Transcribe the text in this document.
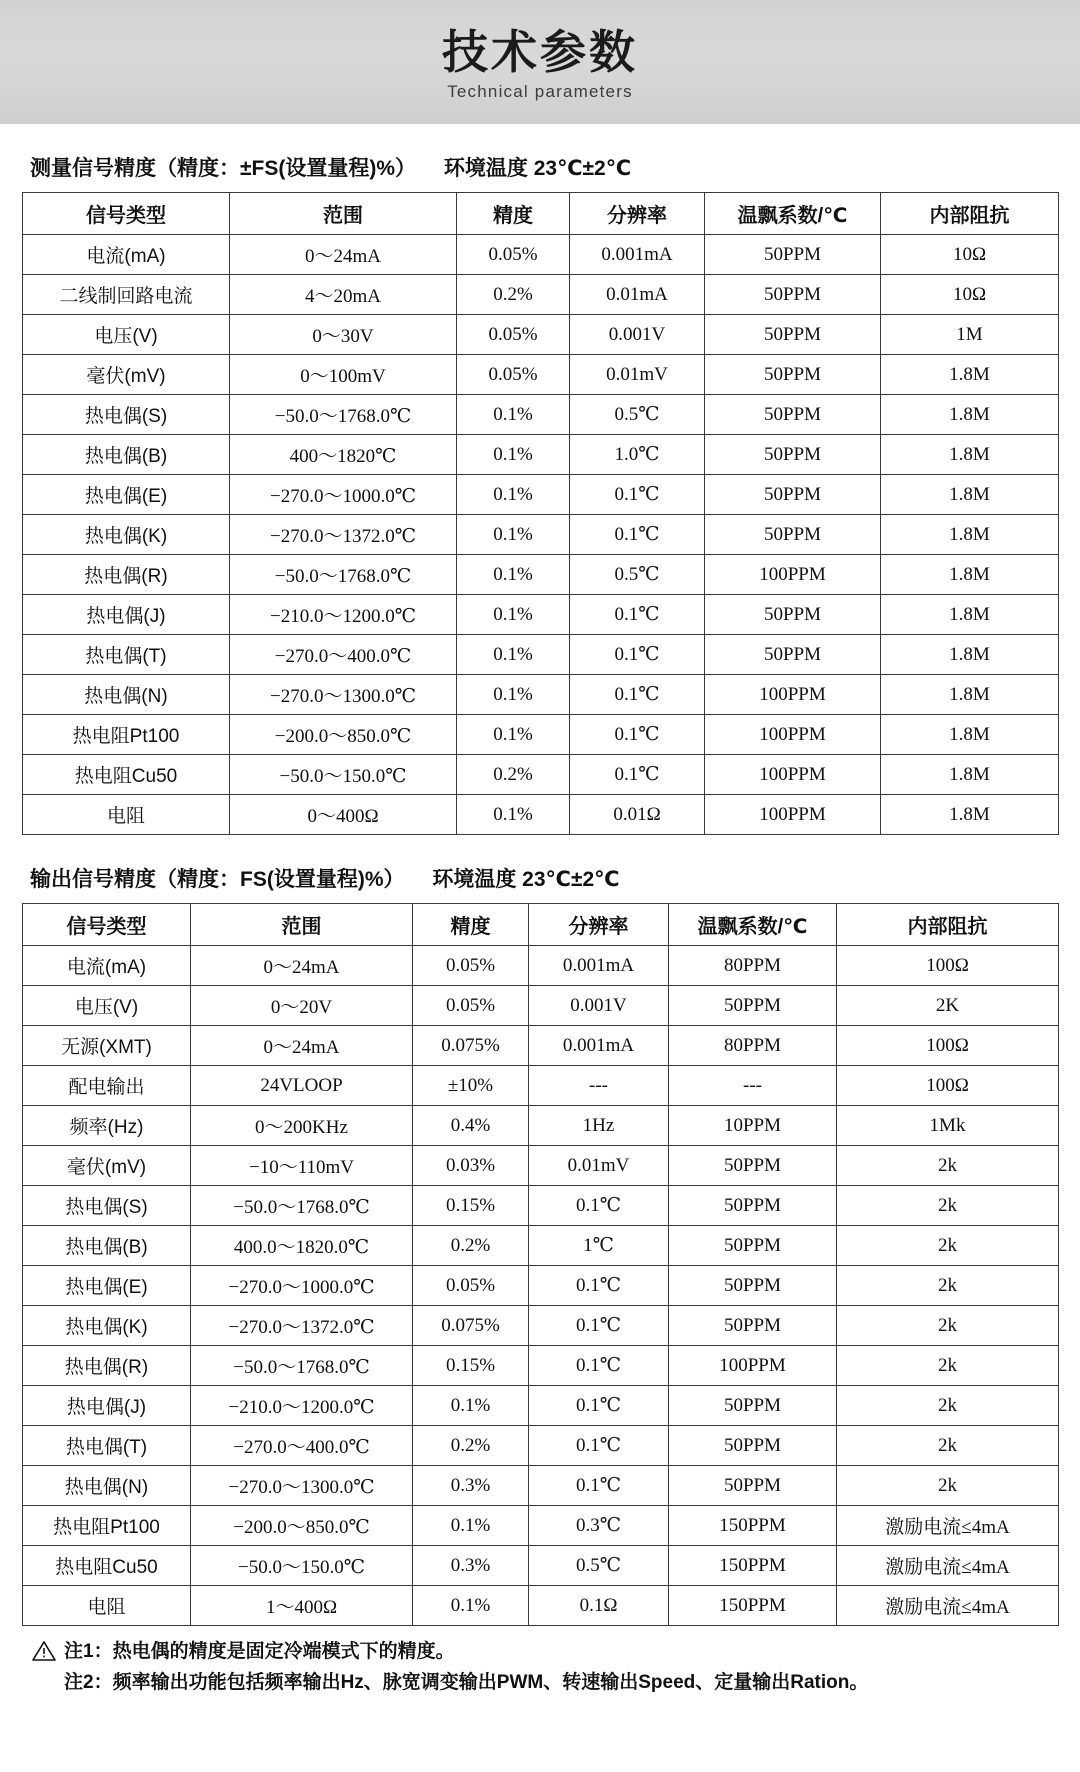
技术参数
Technical parameters
测量信号精度（精度：±FS(设置量程)%） 环境温度 23℃±2℃
信号类型	范围	精度	分辨率	温飘系数/℃	内部阻抗
电流(mA)	0～24mA	0.05%	0.001mA	50PPM	10Ω
二线制回路电流	4～20mA	0.2%	0.01mA	50PPM	10Ω
电压(V)	0～30V	0.05%	0.001V	50PPM	1M
毫伏(mV)	0～100mV	0.05%	0.01mV	50PPM	1.8M
热电偶(S)	−50.0～1768.0℃	0.1%	0.5℃	50PPM	1.8M
热电偶(B)	400～1820℃	0.1%	1.0℃	50PPM	1.8M
热电偶(E)	−270.0～1000.0℃	0.1%	0.1℃	50PPM	1.8M
热电偶(K)	−270.0～1372.0℃	0.1%	0.1℃	50PPM	1.8M
热电偶(R)	−50.0～1768.0℃	0.1%	0.5℃	100PPM	1.8M
热电偶(J)	−210.0～1200.0℃	0.1%	0.1℃	50PPM	1.8M
热电偶(T)	−270.0～400.0℃	0.1%	0.1℃	50PPM	1.8M
热电偶(N)	−270.0～1300.0℃	0.1%	0.1℃	100PPM	1.8M
热电阻Pt100	−200.0～850.0℃	0.1%	0.1℃	100PPM	1.8M
热电阻Cu50	−50.0～150.0℃	0.2%	0.1℃	100PPM	1.8M
电阻	0～400Ω	0.1%	0.01Ω	100PPM	1.8M
输出信号精度（精度：FS(设置量程)%） 环境温度 23℃±2℃
信号类型	范围	精度	分辨率	温飘系数/℃	内部阻抗
电流(mA)	0～24mA	0.05%	0.001mA	80PPM	100Ω
电压(V)	0～20V	0.05%	0.001V	50PPM	2K
无源(XMT)	0～24mA	0.075%	0.001mA	80PPM	100Ω
配电输出	24VLOOP	±10%	---	---	100Ω
频率(Hz)	0～200KHz	0.4%	1Hz	10PPM	1Mk
毫伏(mV)	−10～110mV	0.03%	0.01mV	50PPM	2k
热电偶(S)	−50.0～1768.0℃	0.15%	0.1℃	50PPM	2k
热电偶(B)	400.0～1820.0℃	0.2%	1℃	50PPM	2k
热电偶(E)	−270.0～1000.0℃	0.05%	0.1℃	50PPM	2k
热电偶(K)	−270.0～1372.0℃	0.075%	0.1℃	50PPM	2k
热电偶(R)	−50.0～1768.0℃	0.15%	0.1℃	100PPM	2k
热电偶(J)	−210.0～1200.0℃	0.1%	0.1℃	50PPM	2k
热电偶(T)	−270.0～400.0℃	0.2%	0.1℃	50PPM	2k
热电偶(N)	−270.0～1300.0℃	0.3%	0.1℃	50PPM	2k
热电阻Pt100	−200.0～850.0℃	0.1%	0.3℃	150PPM	激励电流≤4mA
热电阻Cu50	−50.0～150.0℃	0.3%	0.5℃	150PPM	激励电流≤4mA
电阻	1～400Ω	0.1%	0.1Ω	150PPM	激励电流≤4mA
注1：热电偶的精度是固定冷端模式下的精度。
注2：频率输出功能包括频率输出Hz、脉宽调变输出PWM、转速输出Speed、定量输出Ration。
